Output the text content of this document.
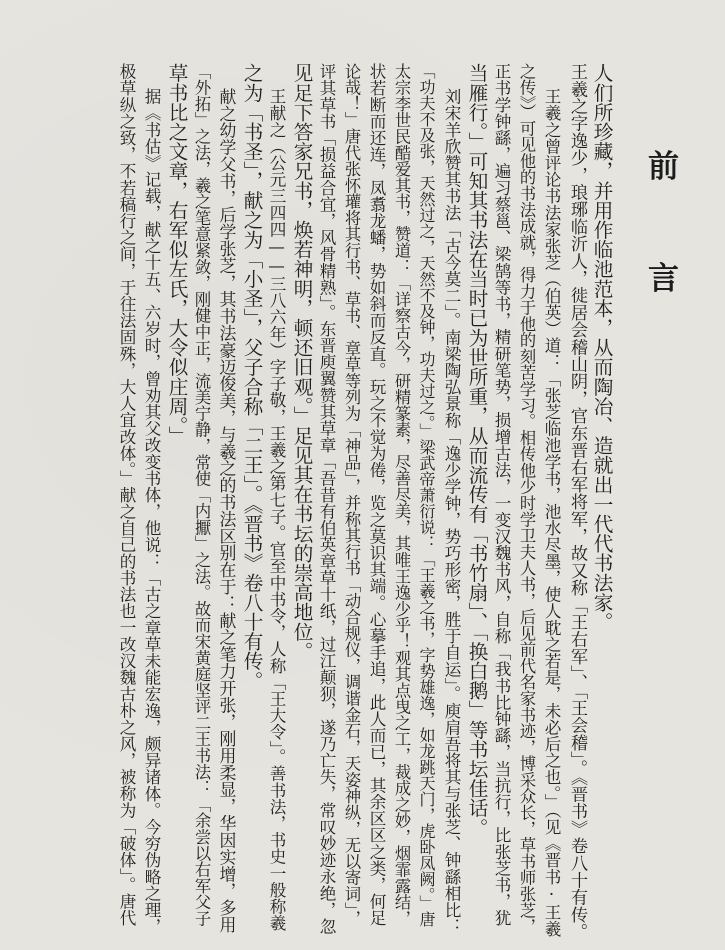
前
言
人们所珍藏，并用作临池范本，从而陶冶、造就出一代代书法家。
王羲之字逸少，琅琊临沂人，徙居会稽山阴，官东晋右军将军，故又称「王右军」、「王会稽」。《晋书》卷八十有传。
王羲之曾评论书法家张芝（伯英）道：「张芝临池学书，池水尽墨，使人耽之若是，未必后之也。」（见《晋书·王羲
之传》）可见他的书法成就，得力于他的刻苦学习。相传他少时学卫夫人书，后见前代名家书迹，博采众长，草书师张芝，
正书学钟繇，遍习蔡邕、梁鹄等书，精研笔势，损增古法，一变汉魏书风，自称「我书比钟繇，当抗行，比张芝书，犹
当雁行。」可知其书法在当时已为世所重，从而流传有「书竹扇」、「换白鹅」等书坛佳话。
刘宋羊欣赞其书法「古今莫二」。南梁陶弘景称「逸少学钟，势巧形密，胜于自运」。庾肩吾将其与张芝、钟繇相比：
「功夫不及张，天然过之，天然不及钟，功夫过之。」梁武帝萧衍说：「王羲之书，字势雄逸，如龙跳天门，虎卧凤阙。」唐
太宗李世民酷爱其书，赞道：「详察古今，研精篆素，尽善尽美，其唯王逸少乎！观其点曳之工，裁成之妙，烟霏露结，
状若断而还连，凤翥龙蟠，势如斜而反直。玩之不觉为倦，览之莫识其端。心摹手追，此人而已，其余区区之类，何足
论哉！」唐代张怀瓘将其行书、草书、章草等列为「神品」，并称其行书「动合规仪，调谐金石，天姿神纵，无以寄词」，
评其草书「损益合宜，风骨精熟」。东晋庾翼赞其草章「吾昔有伯英章草十纸，过江颠狈，遂乃亡失，常叹妙迹永绝，忽
见足下答家兄书，焕若神明，顿还旧观。」足见其在书坛的崇高地位。
王献之（公元三四四——三八六年）字子敬，王羲之第七子。官至中书令，人称「王大令」。善书法，书史一般称羲
之为「书圣」，献之为「小圣」，父子合称「二王」。《晋书》卷八十有传。
献之幼学父书，后学张芝，其书法豪迈俊美，与羲之的书法区别在于：献之笔力开张，刚用柔显，华因实增，多用
「外拓」之法，羲之笔意紧敛，刚健中正，流美宁静，常使「内擫」之法。故而宋黄庭坚评二王书法：「余尝以右军父子
草书比之文章，右军似左氏，大令似庄周。」
据《书估》记载，献之十五、六岁时，曾劝其父改变书体，他说：「古之章草未能宏逸，颇异诸体。今穷伪略之理，
极草纵之致，不若稿行之间，于往法固殊，大人宜改体。」献之自己的书法也一改汉魏古朴之风，被称为「破体」。唐代
